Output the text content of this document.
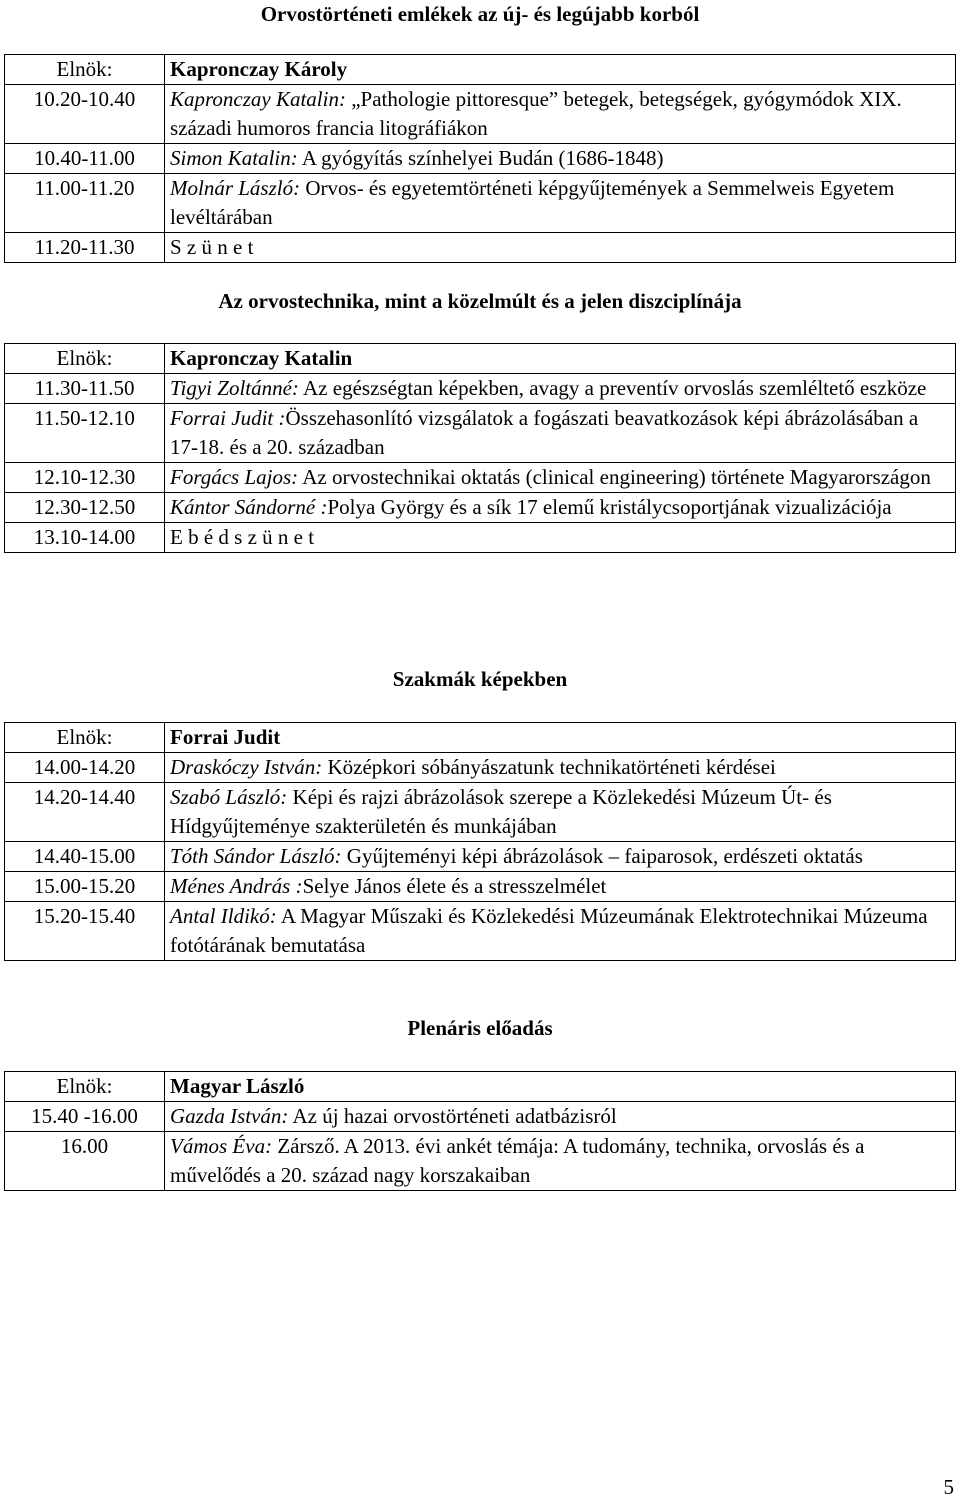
Orvostörténeti emlékek az új- és legújabb korból
Elnök:	Kapronczay Károly
10.20-10.40	Kapronczay Katalin: „Pathologie pittoresque” betegek, betegségek, gyógymódok XIX. századi humoros francia litográfiákon
10.40-11.00	Simon Katalin: A gyógyítás színhelyei Budán (1686-1848)
11.00-11.20	Molnár László: Orvos- és egyetemtörténeti képgyűjtemények a Semmelweis Egyetem levéltárában
11.20-11.30	S z ü n e t
Az orvostechnika, mint a közelmúlt és a jelen diszciplínája
Elnök:	Kapronczay Katalin
11.30-11.50	Tigyi Zoltánné: Az egészségtan képekben, avagy a preventív orvoslás szemléltető eszköze
11.50-12.10	Forrai Judit :Összehasonlító vizsgálatok a fogászati beavatkozások képi ábrázolásában a 17-18. és a 20. században
12.10-12.30	Forgács Lajos: Az orvostechnikai oktatás (clinical engineering) története Magyarországon
12.30-12.50	Kántor Sándorné :Polya György és a sík 17 elemű kristálycsoportjának vizualizációja
13.10-14.00	E b é d s z ü n e t
Szakmák képekben
Elnök:	Forrai Judit
14.00-14.20	Draskóczy István: Középkori sóbányászatunk technikatörténeti kérdései
14.20-14.40	Szabó László: Képi és rajzi ábrázolások szerepe a Közlekedési Múzeum Út- és Hídgyűjteménye szakterületén és munkájában
14.40-15.00	Tóth Sándor László: Gyűjteményi képi ábrázolások – faiparosok, erdészeti oktatás
15.00-15.20	Ménes András :Selye János élete és a stresszelmélet
15.20-15.40	Antal Ildikó: A Magyar Műszaki és Közlekedési Múzeumának Elektrotechnikai Múzeuma fotótárának bemutatása
Plenáris előadás
Elnök:	Magyar László
15.40 -16.00	Gazda István: Az új hazai orvostörténeti adatbázisról
16.00	Vámos Éva: Zársző. A 2013. évi ankét témája: A tudomány, technika, orvoslás és a művelődés a 20. század nagy korszakaiban
5
